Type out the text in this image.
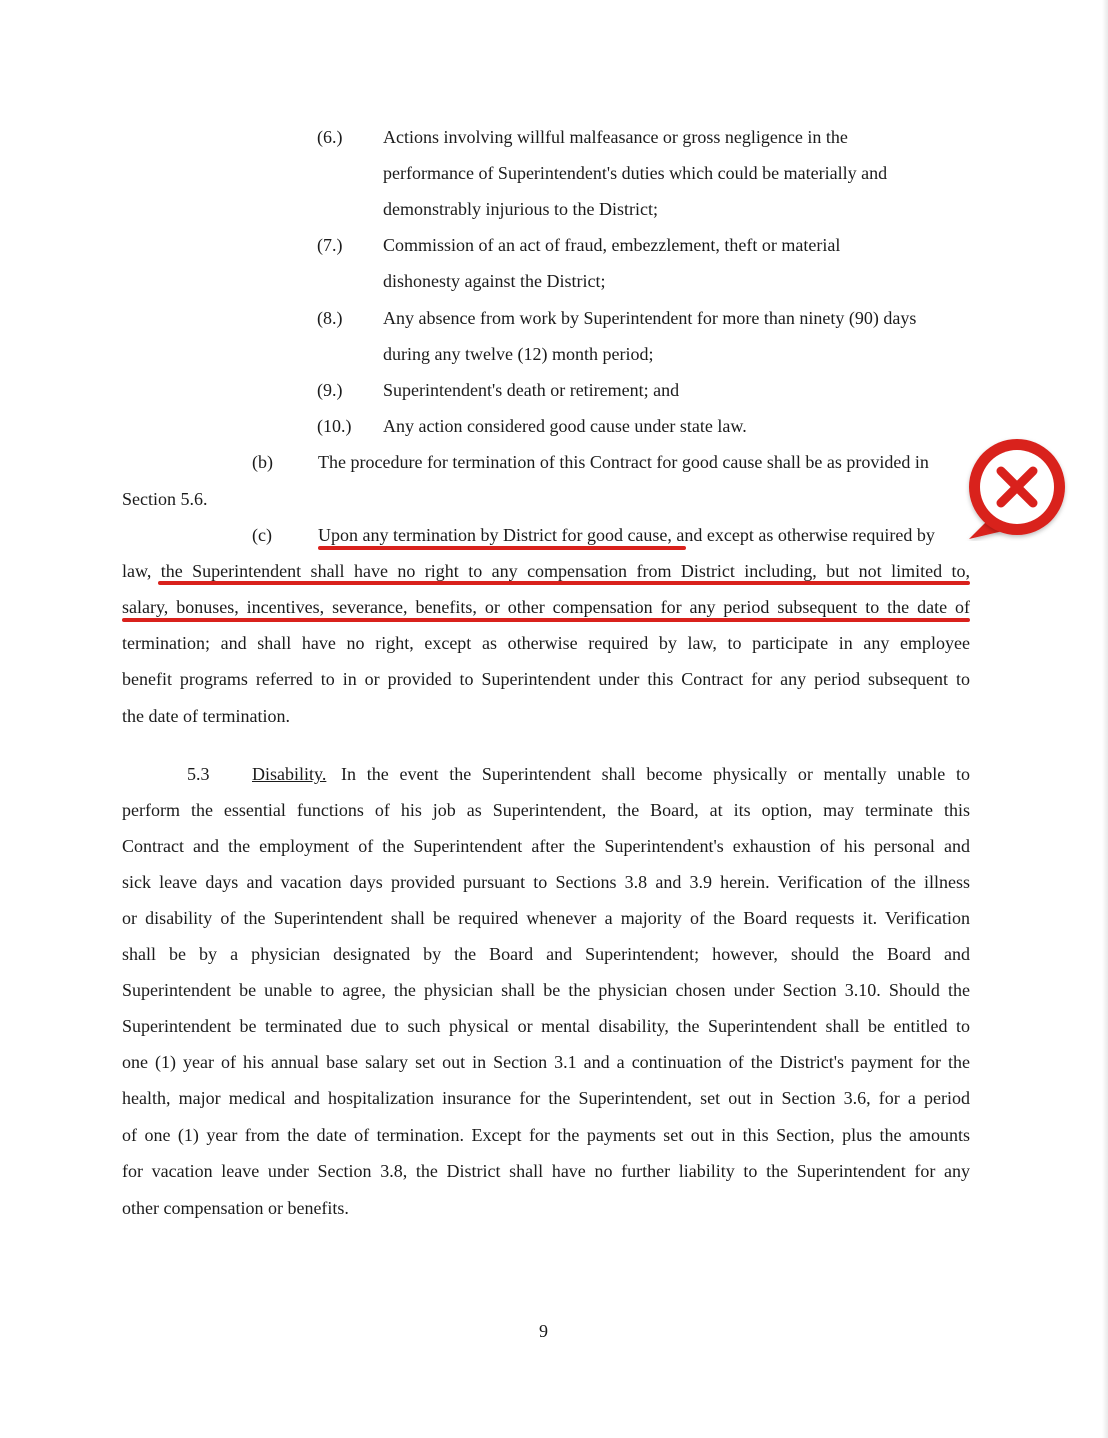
(6.) Actions involving willful malfeasance or gross negligence in the
performance of Superintendent's duties which could be materially and
demonstrably injurious to the District;
(7.) Commission of an act of fraud, embezzlement, theft or material
dishonesty against the District;
(8.) Any absence from work by Superintendent for more than ninety (90) days
during any twelve (12) month period;
(9.) Superintendent's death or retirement; and
(10.) Any action considered good cause under state law.
(b)	The procedure for termination of this Contract for good cause shall be as provided in
Section 5.6.
(c)	Upon any termination by District for good cause, and except as otherwise required by
law, the Superintendent shall have no right to any compensation from District including, but not limited to,
salary, bonuses, incentives, severance, benefits, or other compensation for any period subsequent to the date of
termination; and shall have no right, except as otherwise required by law, to participate in any employee
benefit programs referred to in or provided to Superintendent under this Contract for any period subsequent to
the date of termination.
5.3 Disability. In the event the Superintendent shall become physically or mentally unable to
perform the essential functions of his job as Superintendent, the Board, at its option, may terminate this
Contract and the employment of the Superintendent after the Superintendent's exhaustion of his personal and
sick leave days and vacation days provided pursuant to Sections 3.8 and 3.9 herein. Verification of the illness
or disability of the Superintendent shall be required whenever a majority of the Board requests it. Verification
shall be by a physician designated by the Board and Superintendent; however, should the Board and
Superintendent be unable to agree, the physician shall be the physician chosen under Section 3.10. Should the
Superintendent be terminated due to such physical or mental disability, the Superintendent shall be entitled to
one (1) year of his annual base salary set out in Section 3.1 and a continuation of the District's payment for the
health, major medical and hospitalization insurance for the Superintendent, set out in Section 3.6, for a period
of one (1) year from the date of termination. Except for the payments set out in this Section, plus the amounts
for vacation leave under Section 3.8, the District shall have no further liability to the Superintendent for any
other compensation or benefits.
9
